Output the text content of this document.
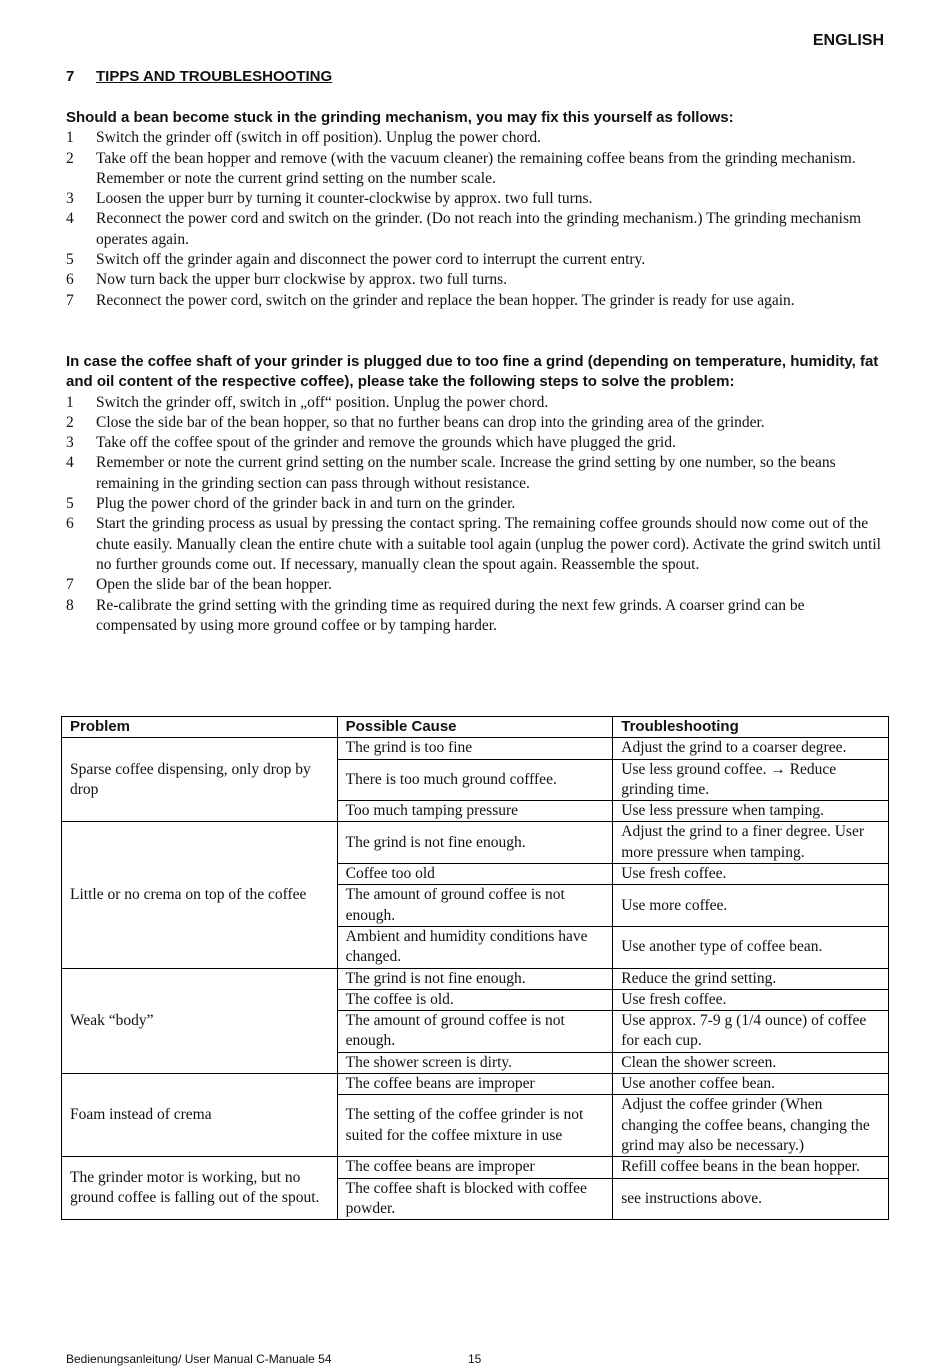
ENGLISH
7 TIPPS AND TROUBLESHOOTING
Should a bean become stuck in the grinding mechanism, you may fix this yourself as follows:
1 Switch the grinder off (switch in off position). Unplug the power chord.
2 Take off the bean hopper and remove (with the vacuum cleaner) the remaining coffee beans from the grinding mechanism. Remember or note the current grind setting on the number scale.
3 Loosen the upper burr by turning it counter-clockwise by approx. two full turns.
4 Reconnect the power cord and switch on the grinder. (Do not reach into the grinding mechanism.) The grinding mechanism operates again.
5 Switch off the grinder again and disconnect the power cord to interrupt the current entry.
6 Now turn back the upper burr clockwise by approx. two full turns.
7 Reconnect the power cord, switch on the grinder and replace the bean hopper. The grinder is ready for use again.
In case the coffee shaft of your grinder is plugged due to too fine a grind (depending on temperature, humidity, fat and oil content of the respective coffee), please take the following steps to solve the problem:
1 Switch the grinder off, switch in „off“ position. Unplug the power chord.
2 Close the side bar of the bean hopper, so that no further beans can drop into the grinding area of the grinder.
3 Take off the coffee spout of the grinder and remove the grounds which have plugged the grid.
4 Remember or note the current grind setting on the number scale. Increase the grind setting by one number, so the beans remaining in the grinding section can pass through without resistance.
5 Plug the power chord of the grinder back in and turn on the grinder.
6 Start the grinding process as usual by pressing the contact spring. The remaining coffee grounds should now come out of the chute easily. Manually clean the entire chute with a suitable tool again (unplug the power cord). Activate the grind switch until no further grounds come out. If necessary, manually clean the spout again. Reassemble the spout.
7 Open the slide bar of the bean hopper.
8 Re-calibrate the grind setting with the grinding time as required during the next few grinds. A coarser grind can be compensated by using more ground coffee or by tamping harder.
Problem	Possible Cause	Troubleshooting
Sparse coffee dispensing, only drop by drop	The grind is too fine	Adjust the grind to a coarser degree.
	There is too much ground cofffee.	Use less ground coffee. → Reduce grinding time.
	Too much tamping pressure	Use less pressure when tamping.
Little or no crema on top of the coffee	The grind is not fine enough.	Adjust the grind to a finer degree. User more pressure when tamping.
	Coffee too old	Use fresh coffee.
	The amount of ground coffee is not enough.	Use more coffee.
	Ambient and humidity conditions have changed.	Use another type of coffee bean.
Weak “body”	The grind is not fine enough.	Reduce the grind setting.
	The coffee is old.	Use fresh coffee.
	The amount of ground coffee is not enough.	Use approx. 7-9 g (1/4 ounce) of coffee for each cup.
	The shower screen is dirty.	Clean the shower screen.
Foam instead of crema	The coffee beans are improper	Use another coffee bean.
	The setting of the coffee grinder is not suited for the coffee mixture in use	Adjust the coffee grinder (When changing the coffee beans, changing the grind may also be necessary.)
The grinder motor is working, but no ground coffee is falling out of the spout.	The coffee beans are improper	Refill coffee beans in the bean hopper.
	The coffee shaft is blocked with coffee powder.	see instructions above.
Bedienungsanleitung/ User Manual C-Manuale 54	15
